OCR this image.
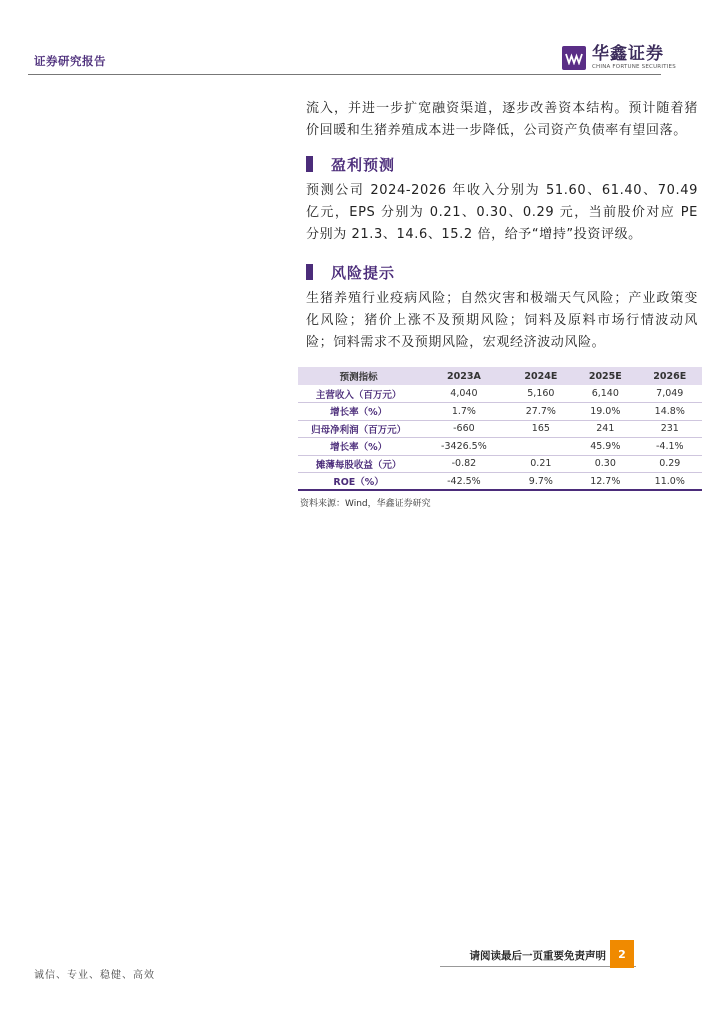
证券研究报告	华鑫证券
CHINA FORTUNE SECURITIES

流入，并进一步扩宽融资渠道，逐步改善资本结构。预计随着猪价回暖和生猪养殖成本进一步降低，公司资产负债率有望回落。

盈利预测

预测公司 2024-2026 年收入分别为 51.60、61.40、70.49 亿元，EPS 分别为 0.21、0.30、0.29 元，当前股价对应 PE 分别为 21.3、14.6、15.2 倍，给予“增持”投资评级。

风险提示

生猪养殖行业疫病风险；自然灾害和极端天气风险；产业政策变化风险；猪价上涨不及预期风险；饲料及原料市场行情波动风险；饲料需求不及预期风险，宏观经济波动风险。

预测指标	2023A	2024E	2025E	2026E
主营收入（百万元）	4,040	5,160	6,140	7,049
增长率（%）	1.7%	27.7%	19.0%	14.8%
归母净利润（百万元）	-660	165	241	231
增长率（%）	-3426.5%		45.9%	-4.1%
摊薄每股收益（元）	-0.82	0.21	0.30	0.29
ROE（%）	-42.5%	9.7%	12.7%	11.0%
资料来源：Wind，华鑫证券研究
请阅读最后一页重要免责声明	2
诚信、专业、稳健、高效
